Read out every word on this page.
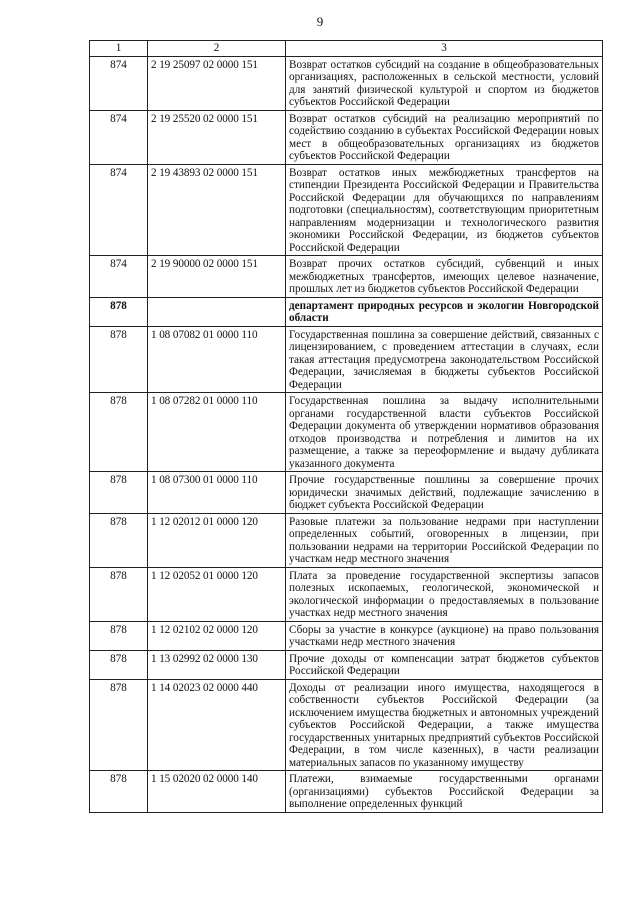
9
1	2	3
874	2 19 25097 02 0000 151	Возврат остатков субсидий на создание в общеобразовательных организациях, расположенных в сельской местности, условий для занятий физической культурой и спортом из бюджетов субъектов Российской Федерации
874	2 19 25520 02 0000 151	Возврат остатков субсидий на реализацию мероприятий по содействию созданию в субъектах Российской Федерации новых мест в общеобразовательных организациях из бюджетов субъектов Российской Федерации
874	2 19 43893 02 0000 151	Возврат остатков иных межбюджетных трансфертов на стипендии Президента Российской Федерации и Правительства Российской Федерации для обучающихся по направлениям подготовки (специальностям), соответствующим приоритетным направлениям модернизации и технологического развития экономики Российской Федерации, из бюджетов субъектов Российской Федерации
874	2 19 90000 02 0000 151	Возврат прочих остатков субсидий, субвенций и иных межбюджетных трансфертов, имеющих целевое назначение, прошлых лет из бюджетов субъектов Российской Федерации
878		департамент природных ресурсов и экологии Новгородской области
878	1 08 07082 01 0000 110	Государственная пошлина за совершение действий, связанных с лицензированием, с проведением аттестации в случаях, если такая аттестация предусмотрена законодательством Российской Федерации, зачисляемая в бюджеты субъектов Российской Федерации
878	1 08 07282 01 0000 110	Государственная пошлина за выдачу исполнительными органами государственной власти субъектов Российской Федерации документа об утверждении нормативов образования отходов производства и потребления и лимитов на их размещение, а также за переоформление и выдачу дубликата указанного документа
878	1 08 07300 01 0000 110	Прочие государственные пошлины за совершение прочих юридически значимых действий, подлежащие зачислению в бюджет субъекта Российской Федерации
878	1 12 02012 01 0000 120	Разовые платежи за пользование недрами при наступлении определенных событий, оговоренных в лицензии, при пользовании недрами на территории Российской Федерации по участкам недр местного значения
878	1 12 02052 01 0000 120	Плата за проведение государственной экспертизы запасов полезных ископаемых, геологической, экономической и экологической информации о предоставляемых в пользование участках недр местного значения
878	1 12 02102 02 0000 120	Сборы за участие в конкурсе (аукционе) на право пользования участками недр местного значения
878	1 13 02992 02 0000 130	Прочие доходы от компенсации затрат бюджетов субъектов Российской Федерации
878	1 14 02023 02 0000 440	Доходы от реализации иного имущества, находящегося в собственности субъектов Российской Федерации (за исключением имущества бюджетных и автономных учреждений субъектов Российской Федерации, а также имущества государственных унитарных предприятий субъектов Российской Федерации, в том числе казенных), в части реализации материальных запасов по указанному имуществу
878	1 15 02020 02 0000 140	Платежи, взимаемые государственными органами (организациями) субъектов Российской Федерации за выполнение определенных функций
